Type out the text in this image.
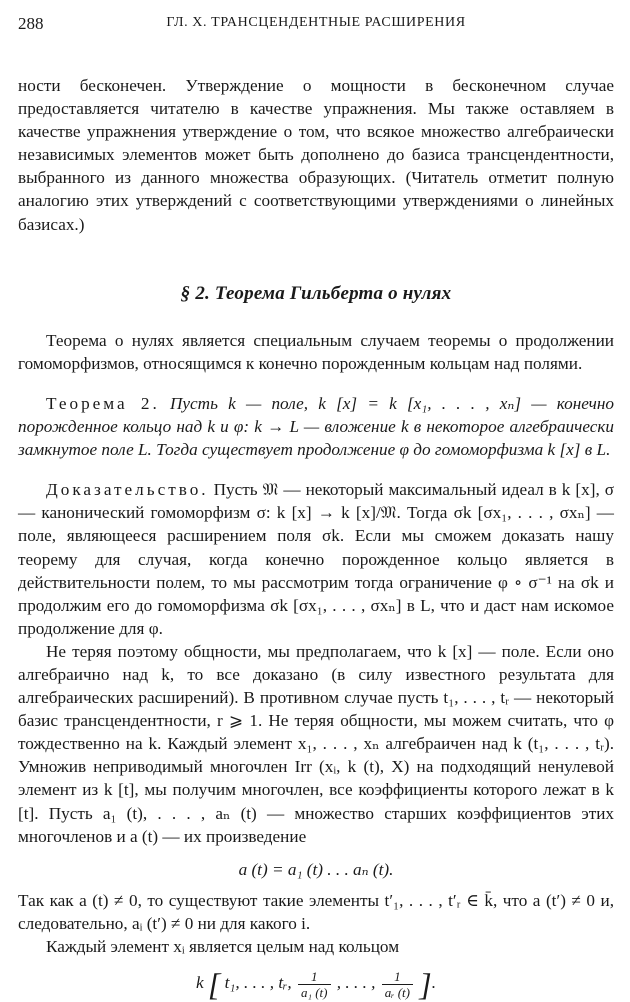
288	ГЛ. X. ТРАНСЦЕНДЕНТНЫЕ РАСШИРЕНИЯ

ности бесконечен. Утверждение о мощности в бесконечном случае предоставляется читателю в качестве упражнения. Мы также оставляем в качестве упражнения утверждение о том, что всякое множество алгебраически независимых элементов может быть дополнено до базиса трансцендентности, выбранного из данного множества образующих. (Читатель отметит полную аналогию этих утверждений с соответствующими утверждениями о линейных базисах.)

§ 2. Теорема Гильберта о нулях

Теорема о нулях является специальным случаем теоремы о продолжении гомоморфизмов, относящимся к конечно порожденным кольцам над полями.

Теорема 2. Пусть k — поле, k [x] = k [x₁, . . . , xₙ] — конечно порожденное кольцо над k и φ: k → L — вложение k в некоторое алгебраически замкнутое поле L. Тогда существует продолжение φ до гомоморфизма k [x] в L.

Доказательство. Пусть 𝔐 — некоторый максимальный идеал в k [x], σ — канонический гомоморфизм σ: k [x] → k [x]/𝔐. Тогда σk [σx₁, . . . , σxₙ] — поле, являющееся расширением поля σk. Если мы сможем доказать нашу теорему для случая, когда конечно порожденное кольцо является в действительности полем, то мы рассмотрим тогда ограничение φ ∘ σ⁻¹ на σk и продолжим его до гомоморфизма σk [σx₁, . . . , σxₙ] в L, что и даст нам искомое продолжение для φ.

Не теряя поэтому общности, мы предполагаем, что k [x] — поле. Если оно алгебраично над k, то все доказано (в силу известного результата для алгебраических расширений). В противном случае пусть t₁, . . . , tᵣ — некоторый базис трансцендентности, r ⩾ 1. Не теряя общности, мы можем считать, что φ тождественно на k. Каждый элемент x₁, . . . , xₙ алгебраичен над k (t₁, . . . , tᵣ). Умножив неприводимый многочлен Irr (xᵢ, k (t), X) на подходящий ненулевой элемент из k [t], мы получим многочлен, все коэффициенты которого лежат в k [t]. Пусть a₁ (t), . . . , aₙ (t) — множество старших коэффициентов этих многочленов и a (t) — их произведение

a (t) = a₁ (t) . . . aₙ (t).

Так как a (t) ≠ 0, то существуют такие элементы t′₁, . . . , t′ᵣ ∈ k̄, что a (t′) ≠ 0 и, следовательно, aᵢ (t′) ≠ 0 ни для какого i.

Каждый элемент xᵢ является целым над кольцом

k [ t₁, . . . , tᵣ, $\frac{1}{\text{a₁ (t)}}$ , . . . , $\frac{1}{\text{aᵣ (t)}}$ ].
